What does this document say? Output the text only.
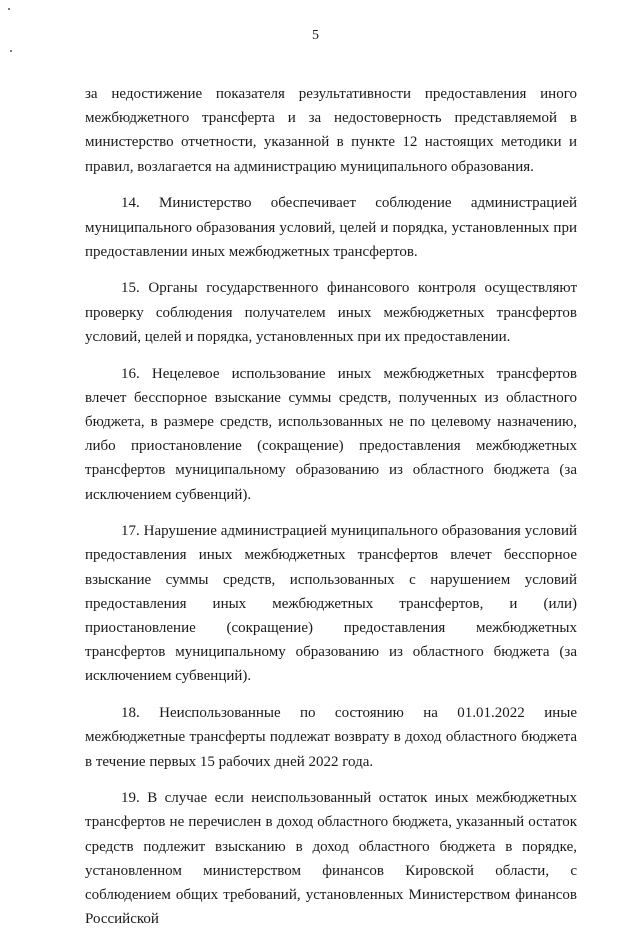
5

за недостижение показателя результативности предоставления иного межбюджетного трансферта и за недостоверность представляемой в министерство отчетности, указанной в пункте 12 настоящих методики и правил, возлагается на администрацию муниципального образования.

14. Министерство обеспечивает соблюдение администрацией муниципального образования условий, целей и порядка, установленных при предоставлении иных межбюджетных трансфертов.

15. Органы государственного финансового контроля осуществляют проверку соблюдения получателем иных межбюджетных трансфертов условий, целей и порядка, установленных при их предоставлении.

16. Нецелевое использование иных межбюджетных трансфертов влечет бесспорное взыскание суммы средств, полученных из областного бюджета, в размере средств, использованных не по целевому назначению, либо приостановление (сокращение) предоставления межбюджетных трансфертов муниципальному образованию из областного бюджета (за исключением субвенций).

17. Нарушение администрацией муниципального образования условий предоставления иных межбюджетных трансфертов влечет бесспорное взыскание суммы средств, использованных с нарушением условий предоставления иных межбюджетных трансфертов, и (или) приостановление (сокращение) предоставления межбюджетных трансфертов муниципальному образованию из областного бюджета (за исключением субвенций).

18. Неиспользованные по состоянию на 01.01.2022 иные межбюджетные трансферты подлежат возврату в доход областного бюджета в течение первых 15 рабочих дней 2022 года.

19. В случае если неиспользованный остаток иных межбюджетных трансфертов не перечислен в доход областного бюджета, указанный остаток средств подлежит взысканию в доход областного бюджета в порядке, установленном министерством финансов Кировской области, с соблюдением общих требований, установленных Министерством финансов Российской
